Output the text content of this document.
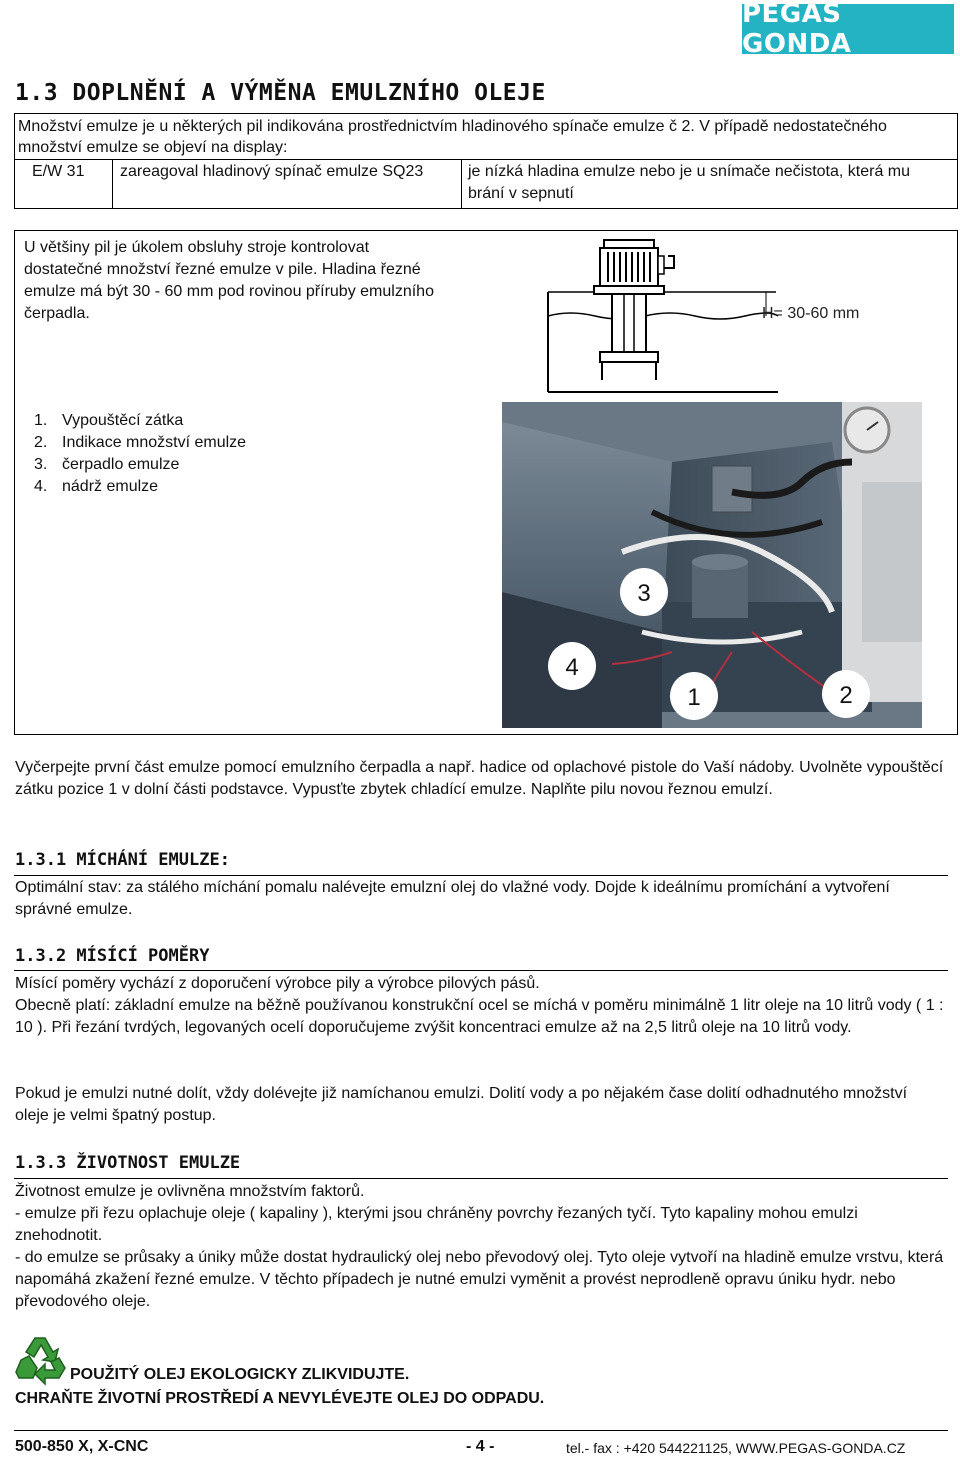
PEGAS GONDA
1.3 DOPLNĚNÍ A VÝMĚNA EMULZNÍHO OLEJE
Množství emulze je u některých pil indikována prostřednictvím hladinového spínače emulze č 2. V případě nedostatečného množství emulze se objeví na display:
E/W 31	zareagoval hladinový spínač emulze SQ23	je nízká hladina emulze nebo je u snímače nečistota, která mu brání v sepnutí
U většiny pil je úkolem obsluhy stroje kontrolovat dostatečné množství řezné emulze v pile. Hladina řezné emulze má být 30 - 60 mm pod rovinou příruby emulzního čerpadla.	H= 30-60 mm
1. Vypouštěcí zátka
2. Indikace množství emulze
3. čerpadlo emulze
4. nádrž emulze
3
4
1	2
Vyčerpejte první část emulze pomocí emulzního čerpadla a např. hadice od oplachové pistole do Vaší nádoby. Uvolněte vypouštěcí zátku pozice 1 v dolní části podstavce. Vypusťte zbytek chladící emulze. Naplňte pilu novou řeznou emulzí.
1.3.1 MÍCHÁNÍ EMULZE:
Optimální stav: za stálého míchání pomalu nalévejte emulzní olej do vlažné vody. Dojde k ideálnímu promíchání a vytvoření správné emulze.
1.3.2 MÍSÍCÍ POMĚRY
Mísící poměry vychází z doporučení výrobce pily a výrobce pilových pásů.
Obecně platí: základní emulze na běžně používanou konstrukční ocel se míchá v poměru minimálně 1 litr oleje na 10 litrů vody ( 1 : 10 ). Při řezání tvrdých, legovaných ocelí doporučujeme zvýšit koncentraci emulze až na 2,5 litrů oleje na 10 litrů vody.
Pokud je emulzi nutné dolít, vždy dolévejte již namíchanou emulzi. Dolití vody a po nějakém čase dolití odhadnutého množství oleje je velmi špatný postup.
1.3.3 ŽIVOTNOST EMULZE
Životnost emulze je ovlivněna množstvím faktorů.
- emulze při řezu oplachuje oleje ( kapaliny ), kterými jsou chráněny povrchy řezaných tyčí. Tyto kapaliny mohou emulzi znehodnotit.
- do emulze se průsaky a úniky může dostat hydraulický olej nebo převodový olej. Tyto oleje vytvoří na hladině emulze vrstvu, která napomáhá zkažení řezné emulze. V těchto případech je nutné emulzi vyměnit a provést neprodleně opravu úniku hydr. nebo převodového oleje.
POUŽITÝ OLEJ EKOLOGICKY ZLIKVIDUJTE.
CHRAŇTE ŽIVOTNÍ PROSTŘEDÍ A NEVYLÉVEJTE OLEJ DO ODPADU.
500-850 X, X-CNC	- 4 -	tel.- fax : +420 544221125, WWW.PEGAS-GONDA.CZ
